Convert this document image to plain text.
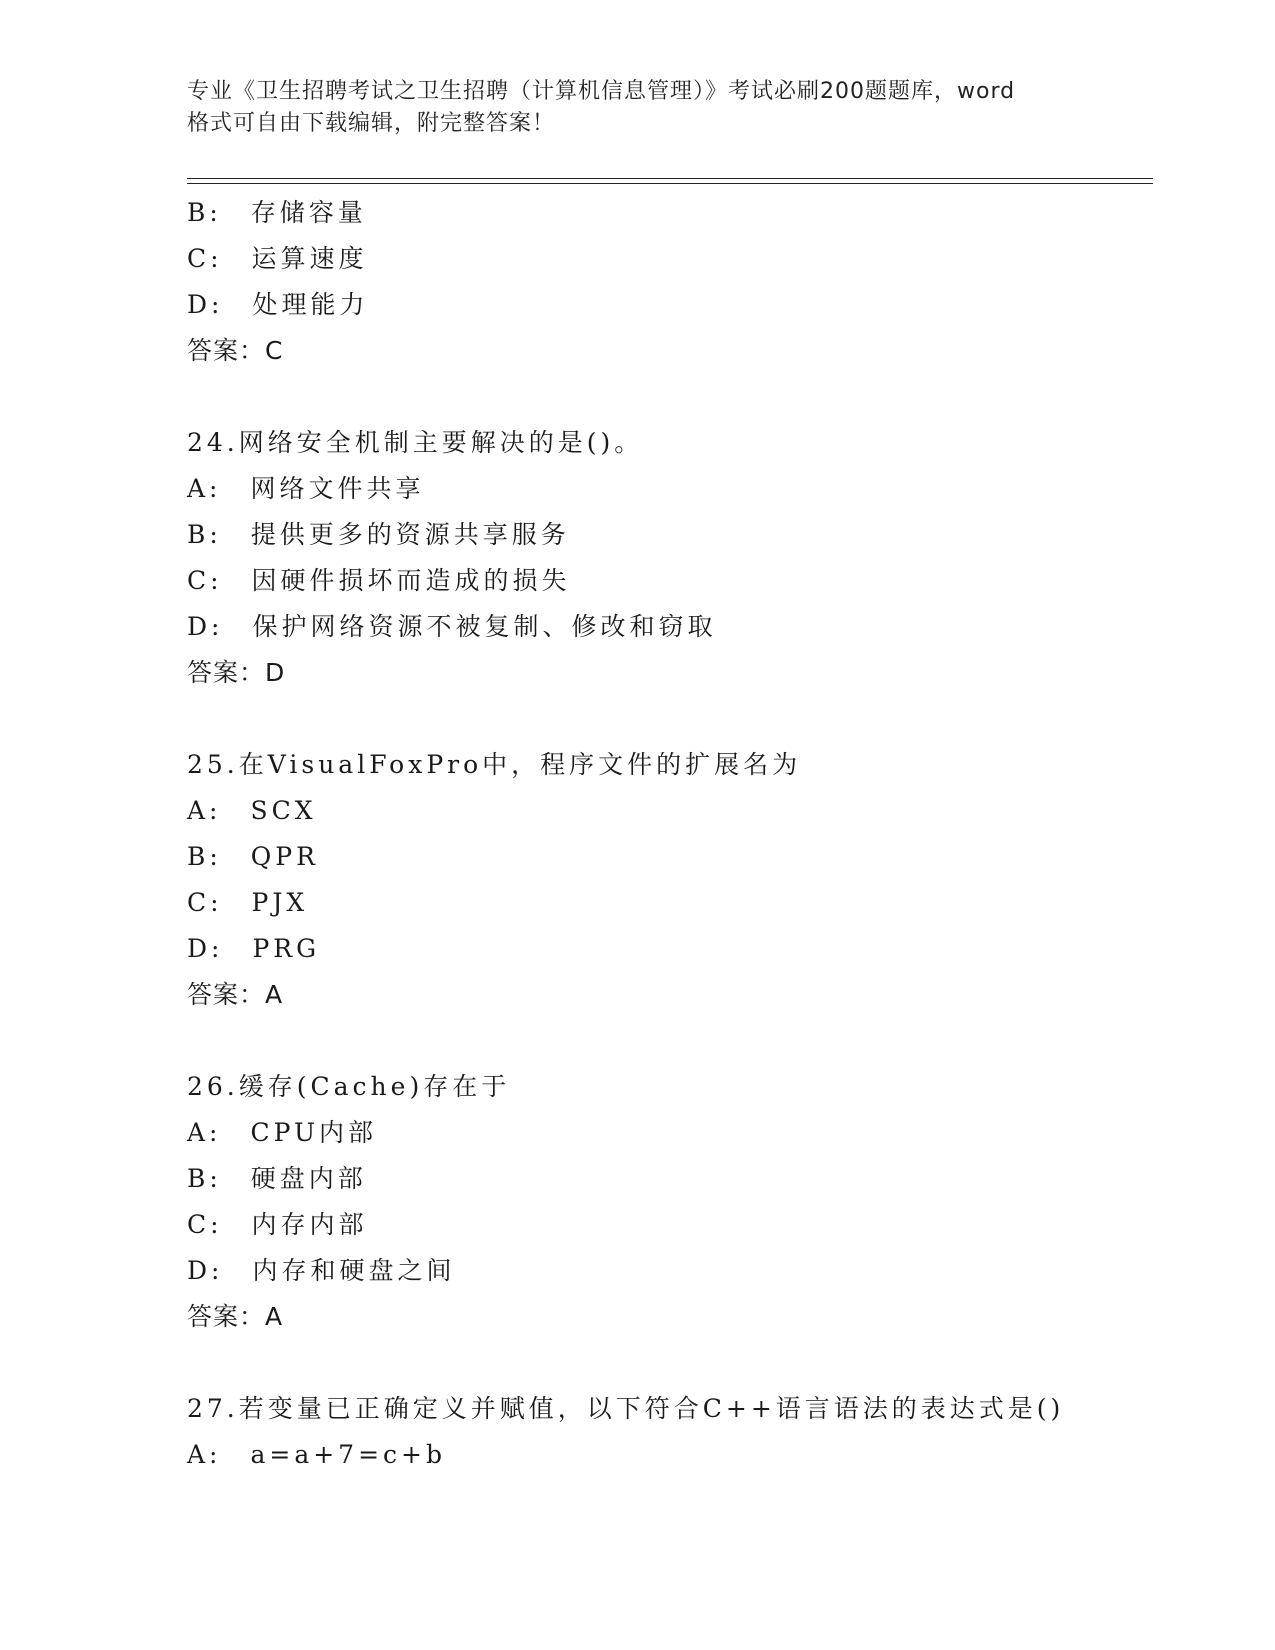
专业《卫生招聘考试之卫生招聘（计算机信息管理）》考试必刷200题题库，word
格式可自由下载编辑，附完整答案！
B:　存储容量
C:　运算速度
D:　处理能力
答案：C
24.网络安全机制主要解决的是()。
A:　网络文件共享
B:　提供更多的资源共享服务
C:　因硬件损坏而造成的损失
D:　保护网络资源不被复制、修改和窃取
答案：D
25.在VisualFoxPro中，程序文件的扩展名为
A:　SCX
B:　QPR
C:　PJX
D:　PRG
答案：A
26.缓存(Cache)存在于
A:　CPU内部
B:　硬盘内部
C:　内存内部
D:　内存和硬盘之间
答案：A
27.若变量已正确定义并赋值，以下符合C++语言语法的表达式是()
A:　a=a+7=c+b
